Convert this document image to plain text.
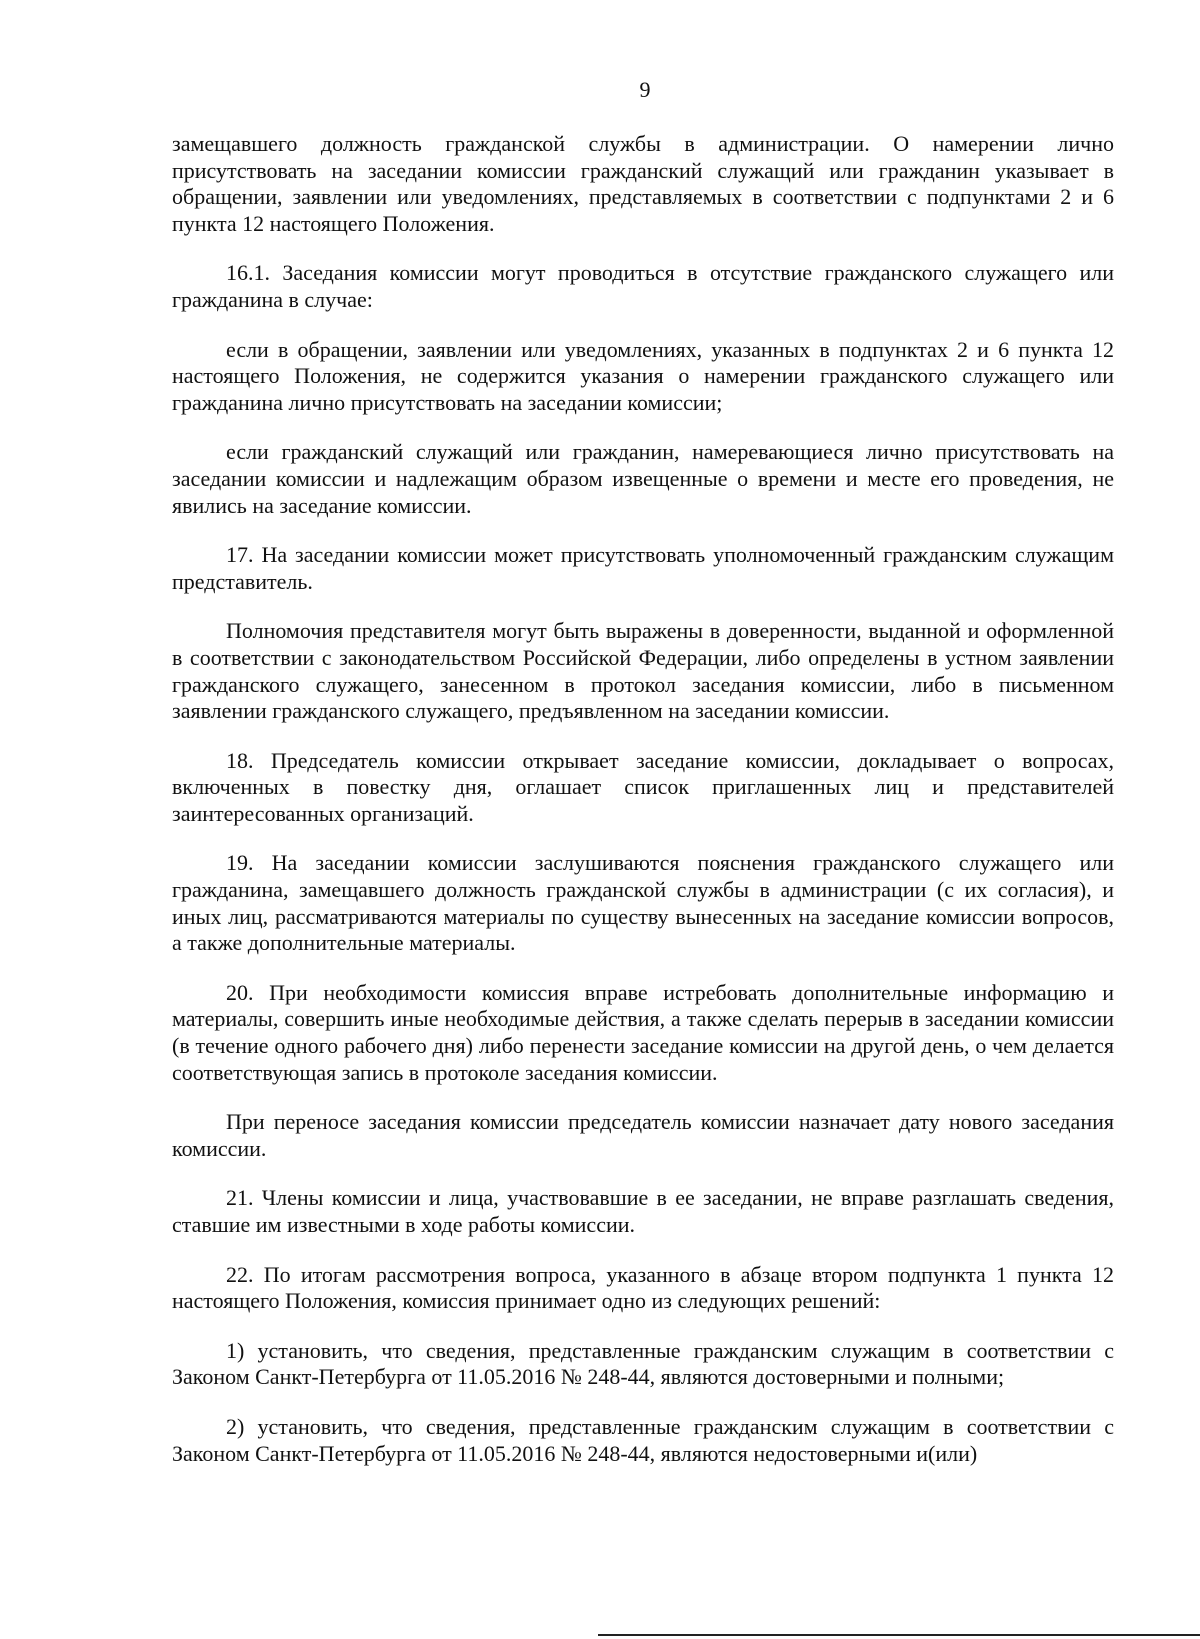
9

замещавшего должность гражданской службы в администрации. О намерении лично присутствовать на заседании комиссии гражданский служащий или гражданин указывает в обращении, заявлении или уведомлениях, представляемых в соответствии с подпунктами 2 и 6 пункта 12 настоящего Положения.

16.1. Заседания комиссии могут проводиться в отсутствие гражданского служащего или гражданина в случае:

если в обращении, заявлении или уведомлениях, указанных в подпунктах 2 и 6 пункта 12 настоящего Положения, не содержится указания о намерении гражданского служащего или гражданина лично присутствовать на заседании комиссии;

если гражданский служащий или гражданин, намеревающиеся лично присутствовать на заседании комиссии и надлежащим образом извещенные о времени и месте его проведения, не явились на заседание комиссии.

17. На заседании комиссии может присутствовать уполномоченный гражданским служащим представитель.

Полномочия представителя могут быть выражены в доверенности, выданной и оформленной в соответствии с законодательством Российской Федерации, либо определены в устном заявлении гражданского служащего, занесенном в протокол заседания комиссии, либо в письменном заявлении гражданского служащего, предъявленном на заседании комиссии.

18. Председатель комиссии открывает заседание комиссии, докладывает о вопросах, включенных в повестку дня, оглашает список приглашенных лиц и представителей заинтересованных организаций.

19. На заседании комиссии заслушиваются пояснения гражданского служащего или гражданина, замещавшего должность гражданской службы в администрации (с их согласия), и иных лиц, рассматриваются материалы по существу вынесенных на заседание комиссии вопросов, а также дополнительные материалы.

20. При необходимости комиссия вправе истребовать дополнительные информацию и материалы, совершить иные необходимые действия, а также сделать перерыв в заседании комиссии (в течение одного рабочего дня) либо перенести заседание комиссии на другой день, о чем делается соответствующая запись в протоколе заседания комиссии.

При переносе заседания комиссии председатель комиссии назначает дату нового заседания комиссии.

21. Члены комиссии и лица, участвовавшие в ее заседании, не вправе разглашать сведения, ставшие им известными в ходе работы комиссии.

22. По итогам рассмотрения вопроса, указанного в абзаце втором подпункта 1 пункта 12 настоящего Положения, комиссия принимает одно из следующих решений:

1) установить, что сведения, представленные гражданским служащим в соответствии с Законом Санкт-Петербурга от 11.05.2016 № 248-44, являются достоверными и полными;

2) установить, что сведения, представленные гражданским служащим в соответствии с Законом Санкт-Петербурга от 11.05.2016 № 248-44, являются недостоверными и(или)
